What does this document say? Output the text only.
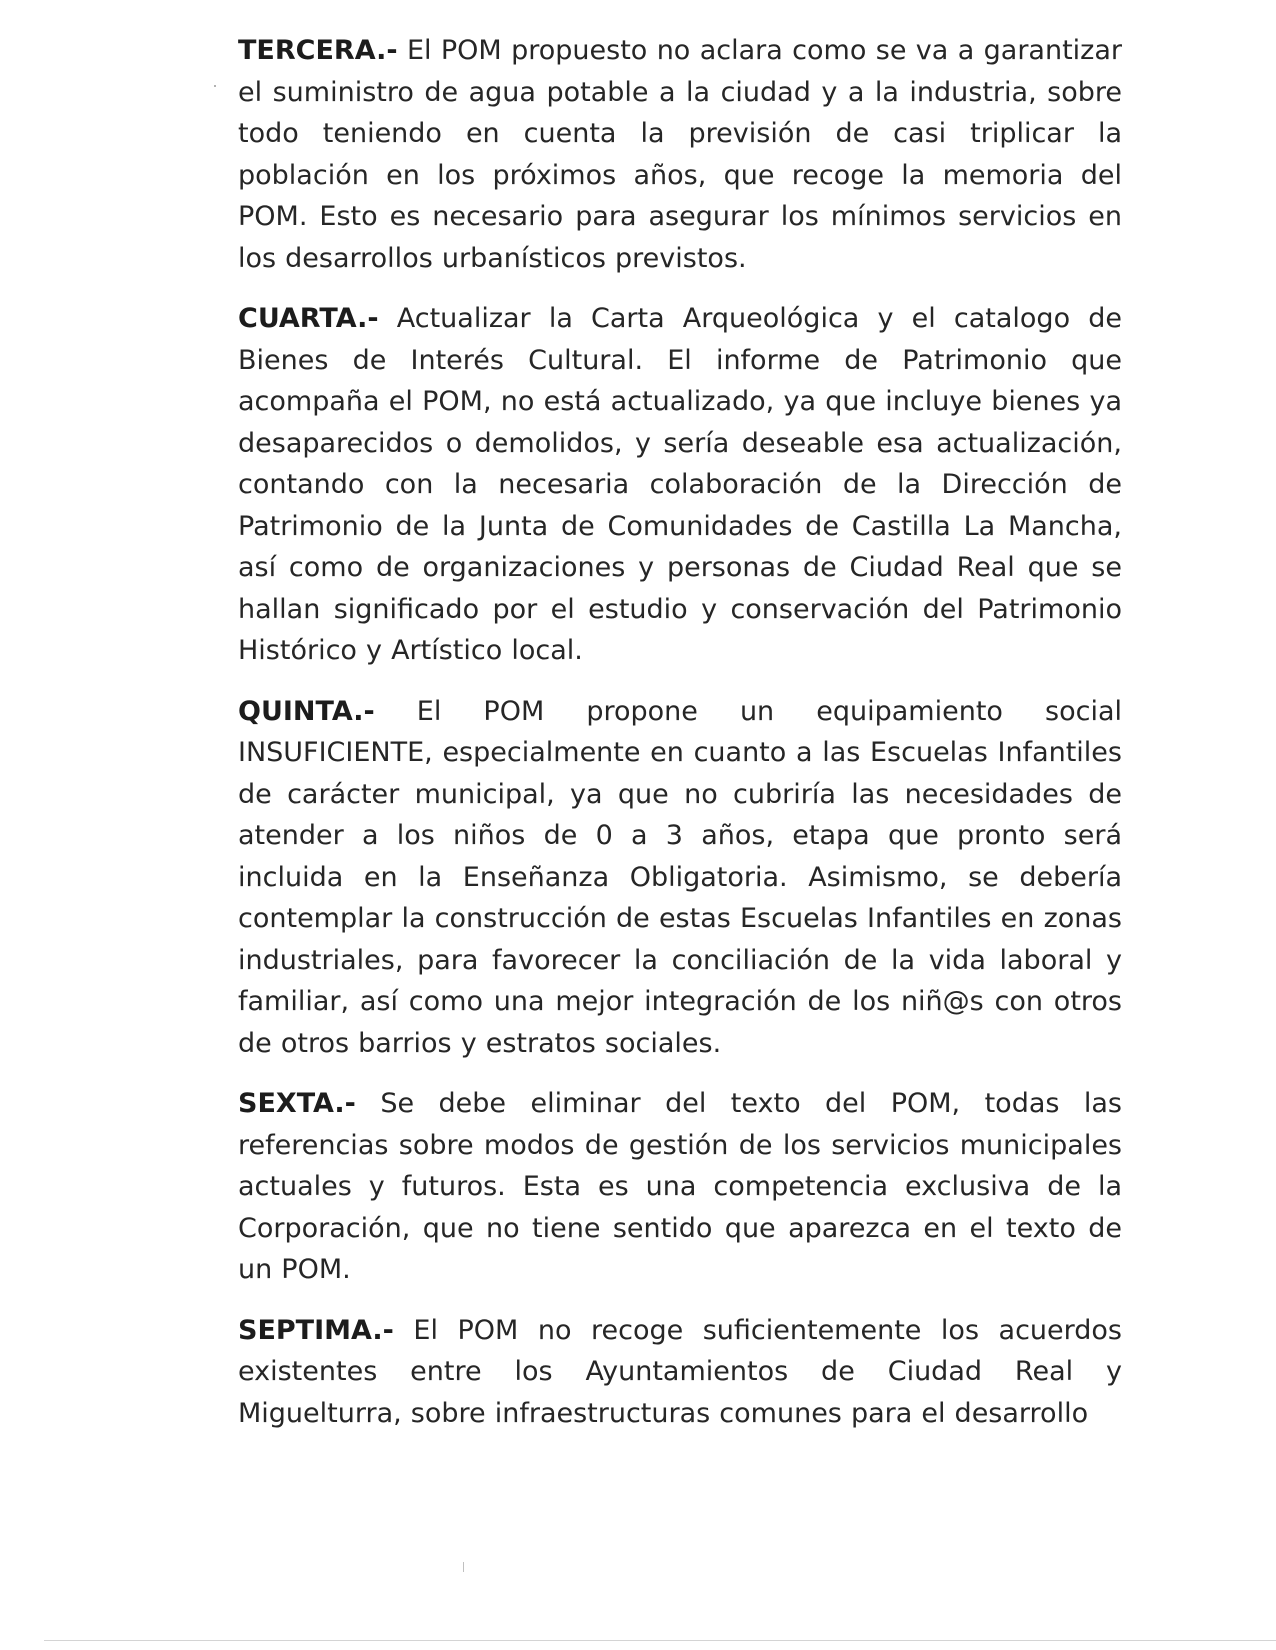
TERCERA.- El POM propuesto no aclara como se va a garantizar el suministro de agua potable a la ciudad y a la industria, sobre todo teniendo en cuenta la previsión de casi triplicar la población en los próximos años, que recoge la memoria del POM. Esto es necesario para asegurar los mínimos servicios en los desarrollos urbanísticos previstos.

CUARTA.- Actualizar la Carta Arqueológica y el catalogo de Bienes de Interés Cultural. El informe de Patrimonio que acompaña el POM, no está actualizado, ya que incluye bienes ya desaparecidos o demolidos, y sería deseable esa actualización, contando con la necesaria colaboración de la Dirección de Patrimonio de la Junta de Comunidades de Castilla La Mancha, así como de organizaciones y personas de Ciudad Real que se hallan significado por el estudio y conservación del Patrimonio Histórico y Artístico local.

QUINTA.- El POM propone un equipamiento social INSUFICIENTE, especialmente en cuanto a las Escuelas Infantiles de carácter municipal, ya que no cubriría las necesidades de atender a los niños de 0 a 3 años, etapa que pronto será incluida en la Enseñanza Obligatoria. Asimismo, se debería contemplar la construcción de estas Escuelas Infantiles en zonas industriales, para favorecer la conciliación de la vida laboral y familiar, así como una mejor integración de los niñ@s con otros de otros barrios y estratos sociales.

SEXTA.- Se debe eliminar del texto del POM, todas las referencias sobre modos de gestión de los servicios municipales actuales y futuros. Esta es una competencia exclusiva de la Corporación, que no tiene sentido que aparezca en el texto de un POM.

SEPTIMA.- El POM no recoge suficientemente los acuerdos existentes entre los Ayuntamientos de Ciudad Real y Miguelturra, sobre infraestructuras comunes para el desarrollo
